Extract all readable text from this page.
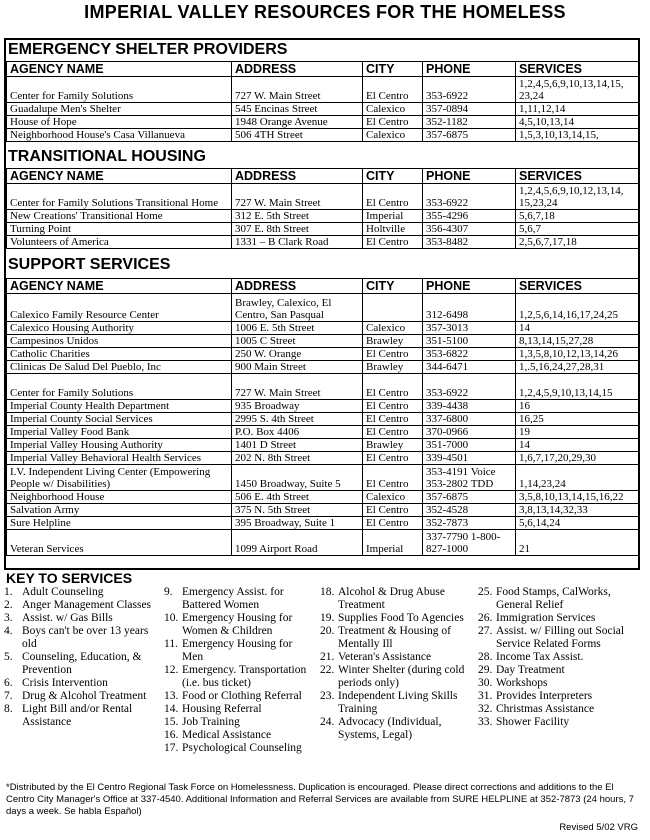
IMPERIAL VALLEY RESOURCES FOR THE HOMELESS
EMERGENCY SHELTER PROVIDERS
AGENCY NAME	ADDRESS	CITY	PHONE	SERVICES
Center for Family Solutions	727 W. Main Street	El Centro	353-6922	1,2,4,5,6,9,10,13,14,15, 23,24
Guadalupe Men's Shelter	545 Encinas Street	Calexico	357-0894	1,11,12,14
House of Hope	1948 Orange Avenue	El Centro	352-1182	4,5,10,13,14
Neighborhood House's Casa Villanueva	506 4TH Street	Calexico	357-6875	1,5,3,10,13,14,15,
TRANSITIONAL HOUSING
AGENCY NAME	ADDRESS	CITY	PHONE	SERVICES
Center for Family Solutions Transitional Home	727 W. Main Street	El Centro	353-6922	1,2,4,5,6,9,10,12,13,14, 15,23,24
New Creations' Transitional Home	312 E. 5th Street	Imperial	355-4296	5,6,7,18
Turning Point	307 E. 8th Street	Holtville	356-4307	5,6,7
Volunteers of America	1331 – B Clark Road	El Centro	353-8482	2,5,6,7,17,18
SUPPORT SERVICES
AGENCY NAME	ADDRESS	CITY	PHONE	SERVICES
Calexico Family Resource Center	Brawley, Calexico, El Centro, San Pasqual		312-6498	1,2,5,6,14,16,17,24,25
Calexico Housing Authority	1006 E. 5th Street	Calexico	357-3013	14
Campesinos Unidos	1005 C Street	Brawley	351-5100	8,13,14,15,27,28
Catholic Charities	250 W. Orange	El Centro	353-6822	1,3,5,8,10,12,13,14,26
Clinicas De Salud Del Pueblo, Inc	900 Main Street	Brawley	344-6471	1,.5,16,24,27,28,31
Center for Family Solutions	727 W. Main Street	El Centro	353-6922	1,2,4,5,9,10,13,14,15
Imperial County Health Department	935 Broadway	El Centro	339-4438	16
Imperial County Social Services	2995 S. 4th Street	El Centro	337-6800	16,25
Imperial Valley Food Bank	P.O. Box 4406	El Centro	370-0966	19
Imperial Valley Housing Authority	1401 D Street	Brawley	351-7000	14
Imperial Valley Behavioral Health Services	202 N. 8th Street	El Centro	339-4501	1,6,7,17,20,29,30
I.V. Independent Living Center (Empowering People w/ Disabilities)	1450 Broadway, Suite 5	El Centro	353-4191 Voice 353-2802 TDD	1,14,23,24
Neighborhood House	506 E. 4th Street	Calexico	357-6875	3,5,8,10,13,14,15,16,22
Salvation Army	375 N. 5th Street	El Centro	352-4528	3,8,13,14,32,33
Sure Helpline	395 Broadway, Suite 1	El Centro	352-7873	5,6,14,24
Veteran Services	1099 Airport Road	Imperial	337-7790 1-800-827-1000	21
KEY TO SERVICES
1. Adult Counseling
2. Anger Management Classes
3. Assist. w/ Gas Bills
4. Boys can't be over 13 years old
5. Counseling, Education, & Prevention
6. Crisis Intervention
7. Drug & Alcohol Treatment
8. Light Bill and/or Rental Assistance
9. Emergency Assist. for Battered Women
10. Emergency Housing for Women & Children
11. Emergency Housing for Men
12. Emergency. Transportation (i.e. bus ticket)
13. Food or Clothing Referral
14. Housing Referral
15. Job Training
16. Medical Assistance
17. Psychological Counseling
18. Alcohol & Drug Abuse Treatment
19. Supplies Food To Agencies
20. Treatment & Housing of Mentally Ill
21. Veteran's Assistance
22. Winter Shelter (during cold periods only)
23. Independent Living Skills Training
24. Advocacy (Individual, Systems, Legal)
25. Food Stamps, CalWorks, General Relief
26. Immigration Services
27. Assist. w/ Filling out Social Service Related Forms
28. Income Tax Assist.
29. Day Treatment
30. Workshops
31. Provides Interpreters
32. Christmas Assistance
33. Shower Facility
*Distributed by the El Centro Regional Task Force on Homelessness. Duplication is encouraged. Please direct corrections and additions to the El Centro City Manager's Office at 337-4540. Additional Information and Referral Services are available from SURE HELPLINE at 352-7873 (24 hours, 7 days a week. Se habla Español)
Revised 5/02 VRG
